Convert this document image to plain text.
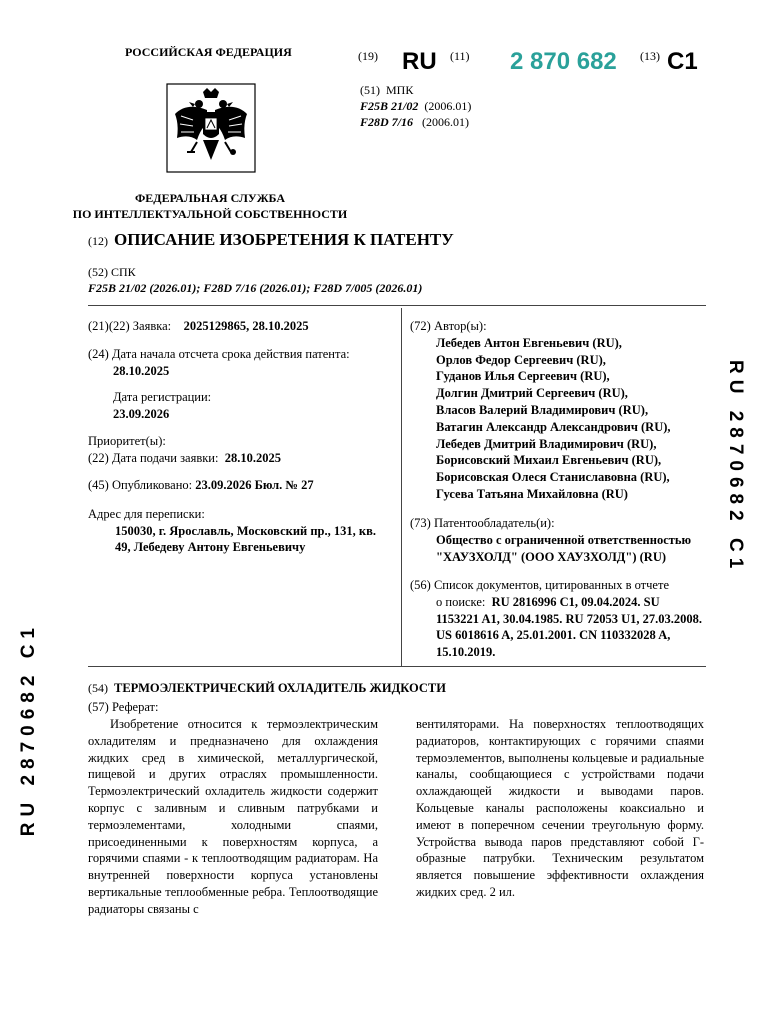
РОССИЙСКАЯ ФЕДЕРАЦИЯ
ФЕДЕРАЛЬНАЯ СЛУЖБА
ПО ИНТЕЛЛЕКТУАЛЬНОЙ СОБСТВЕННОСТИ
(19) RU (11) 2 870 682 (13) C1
(51) МПК
F25B 21/02 (2006.01)
F28D 7/16 (2006.01)
(12) ОПИСАНИЕ ИЗОБРЕТЕНИЯ К ПАТЕНТУ
(52) СПК
F25B 21/02 (2026.01); F28D 7/16 (2026.01); F28D 7/005 (2026.01)
(21)(22) Заявка: 2025129865, 28.10.2025
(24) Дата начала отсчета срока действия патента:
28.10.2025
Дата регистрации:
23.09.2026
Приоритет(ы):
(22) Дата подачи заявки: 28.10.2025
(45) Опубликовано: 23.09.2026 Бюл. № 27
Адрес для переписки:
150030, г. Ярославль, Московский пр., 131, кв.
49, Лебедеву Антону Евгеньевичу
(72) Автор(ы):
Лебедев Антон Евгеньевич (RU),
Орлов Федор Сергеевич (RU),
Гуданов Илья Сергеевич (RU),
Долгин Дмитрий Сергеевич (RU),
Власов Валерий Владимирович (RU),
Ватагин Александр Александрович (RU),
Лебедев Дмитрий Владимирович (RU),
Борисовский Михаил Евгеньевич (RU),
Борисовская Олеся Станиславовна (RU),
Гусева Татьяна Михайловна (RU)
(73) Патентообладатель(и):
Общество с ограниченной ответственностью
"ХАУЗХОЛД" (ООО ХАУЗХОЛД") (RU)
(56) Список документов, цитированных в отчете
о поиске: RU 2816996 C1, 09.04.2024. SU
1153221 A1, 30.04.1985. RU 72053 U1, 27.03.2008.
US 6018616 A, 25.01.2001. CN 110332028 A,
15.10.2019.
RU 2870682 C1
RU 2870682 C1	(54) ТЕРМОЭЛЕКТРИЧЕСКИЙ ОХЛАДИТЕЛЬ ЖИДКОСТИ
(57) Реферат:
Изобретение относится к термоэлектрическим охладителям и предназначено для охлаждения жидких сред в химической, металлургической, пищевой и других отраслях промышленности. Термоэлектрический охладитель жидкости содержит корпус с заливным и сливным патрубками и термоэлементами, холодными спаями, присоединенными к поверхностям корпуса, а горячими спаями - к теплоотводящим радиаторам. На внутренней поверхности корпуса установлены вертикальные теплообменные ребра. Теплоотводящие радиаторы связаны с
вентиляторами. На поверхностях теплоотводящих радиаторов, контактирующих с горячими спаями термоэлементов, выполнены кольцевые и радиальные каналы, сообщающиеся с устройствами подачи охлаждающей жидкости и выводами паров. Кольцевые каналы расположены коаксиально и имеют в поперечном сечении треугольную форму. Устройства вывода паров представляют собой Г-образные патрубки. Техническим результатом является повышение эффективности охлаждения жидких сред. 2 ил.
